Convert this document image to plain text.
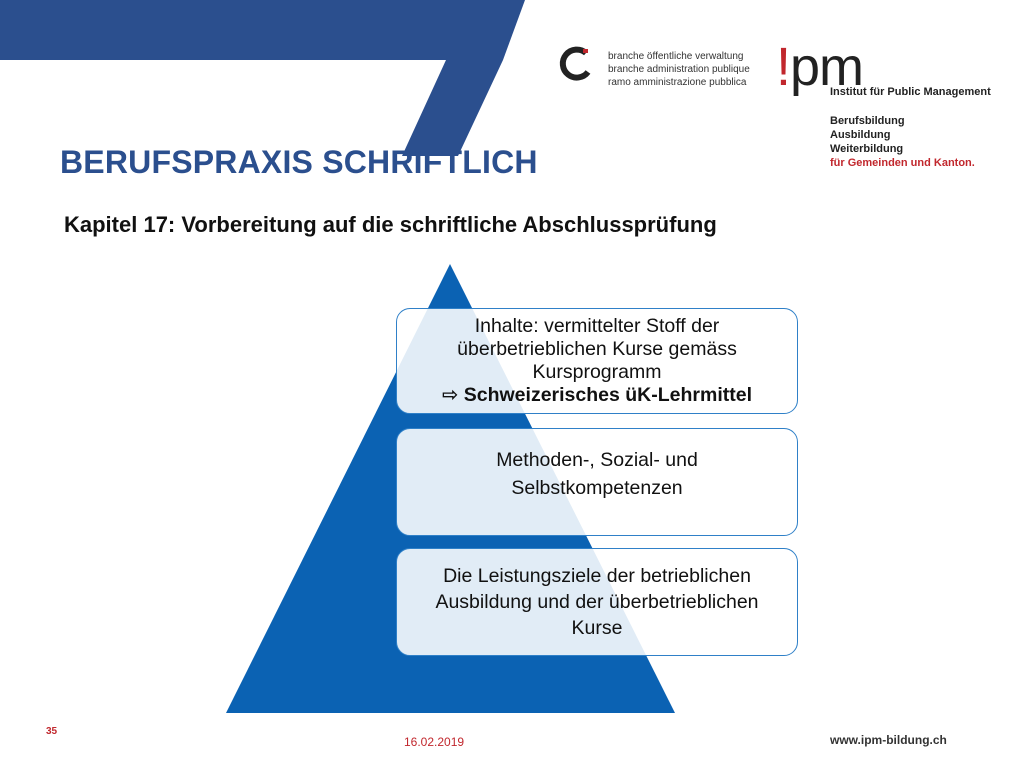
BERUFSPRAXIS SCHRIFTLICH
Kapitel 17: Vorbereitung auf die schriftliche Abschlussprüfung
branche öffentliche verwaltung
branche administration publique
ramo amministrazione pubblica !pm
Institut für Public Management
Berufsbildung
Ausbildung
Weiterbildung
für Gemeinden und Kanton.
Inhalte: vermittelter Stoff der
überbetrieblichen Kurse gemäss
Kursprogramm
⇨ Schweizerisches üK-Lehrmittel
Methoden-, Sozial- und
Selbstkompetenzen
Die Leistungsziele der betrieblichen
Ausbildung und der überbetrieblichen
Kurse
35
16.02.2019	www.ipm-bildung.ch
